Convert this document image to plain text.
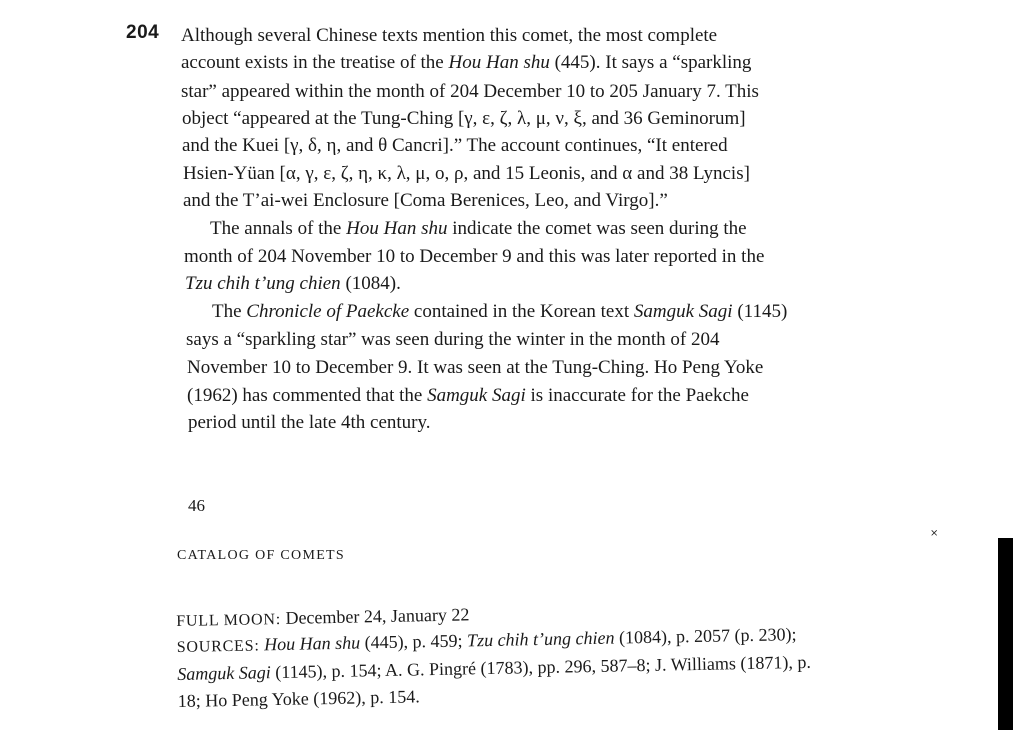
204 Although several Chinese texts mention this comet, the most complete
account exists in the treatise of the Hou Han shu (445). It says a “sparkling
star” appeared within the month of 204 December 10 to 205 January 7. This
object “appeared at the Tung-Ching [γ, ε, ζ, λ, μ, ν, ξ, and 36 Geminorum]
and the Kuei [γ, δ, η, and θ Cancri].” The account continues, “It entered
Hsien-Yüan [α, γ, ε, ζ, η, κ, λ, μ, o, ρ, and 15 Leonis, and α and 38 Lyncis]
and the T’ai-wei Enclosure [Coma Berenices, Leo, and Virgo].”
The annals of the Hou Han shu indicate the comet was seen during the
month of 204 November 10 to December 9 and this was later reported in the
Tzu chih t’ung chien (1084).
The Chronicle of Paekcke contained in the Korean text Samguk Sagi (1145)
says a “sparkling star” was seen during the winter in the month of 204
November 10 to December 9. It was seen at the Tung-Ching. Ho Peng Yoke
(1962) has commented that the Samguk Sagi is inaccurate for the Paekche
period until the late 4th century.
46
CATALOG OF COMETS
FULL MOON: December 24, January 22
SOURCES: Hou Han shu (445), p. 459; Tzu chih t’ung chien (1084), p. 2057 (p. 230);
Samguk Sagi (1145), p. 154; A. G. Pingré (1783), pp. 296, 587–8; J. Williams (1871), p.
18; Ho Peng Yoke (1962), p. 154.
⨯
